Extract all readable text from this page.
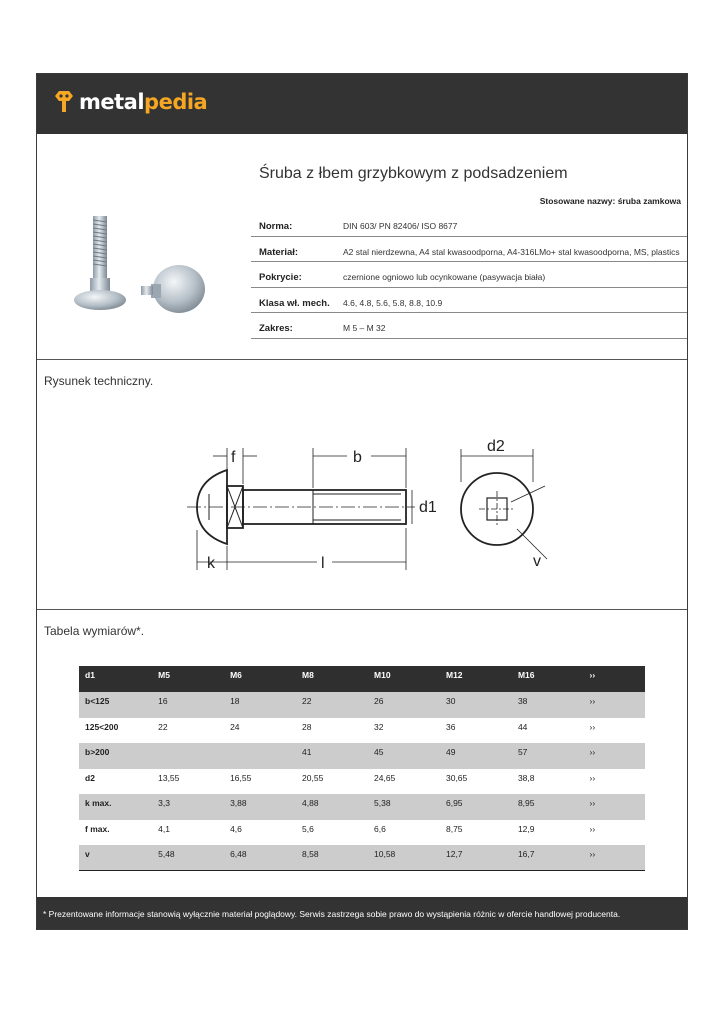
metalpedia
Śruba z łbem grzybkowym z podsadzeniem
Stosowane nazwy: śruba zamkowa
Norma:	DIN 603/ PN 82406/ ISO 8677
Materiał:	A2 stal nierdzewna, A4 stal kwasoodporna, A4-316LMo+ stal kwasoodporna, MS, plastics
Pokrycie:	czernione ogniowo lub ocynkowane (pasywacja biała)
Klasa wł. mech. 4.6, 4.8, 5.6, 5.8, 8.8, 10.9
Zakres:	M 5 – M 32
Rysunek techniczny.
f	b
d1
k	l
d2
v
Tabela wymiarów*.
d1	M5	M6	M8	M10	M12	M16	››
b<125	16	18	22	26	30	38	››
125<200	22	24	28	32	36	44	››
b>200			41	45	49	57	››
d2	13,55	16,55	20,55	24,65	30,65	38,8	››
k max.	3,3	3,88	4,88	5,38	6,95	8,95	››
f max.	4,1	4,6	5,6	6,6	8,75	12,9	››
v	5,48	6,48	8,58	10,58	12,7	16,7	››
* Prezentowane informacje stanowią wyłącznie materiał poglądowy. Serwis zastrzega sobie prawo do wystąpienia różnic w ofercie handlowej producenta.
